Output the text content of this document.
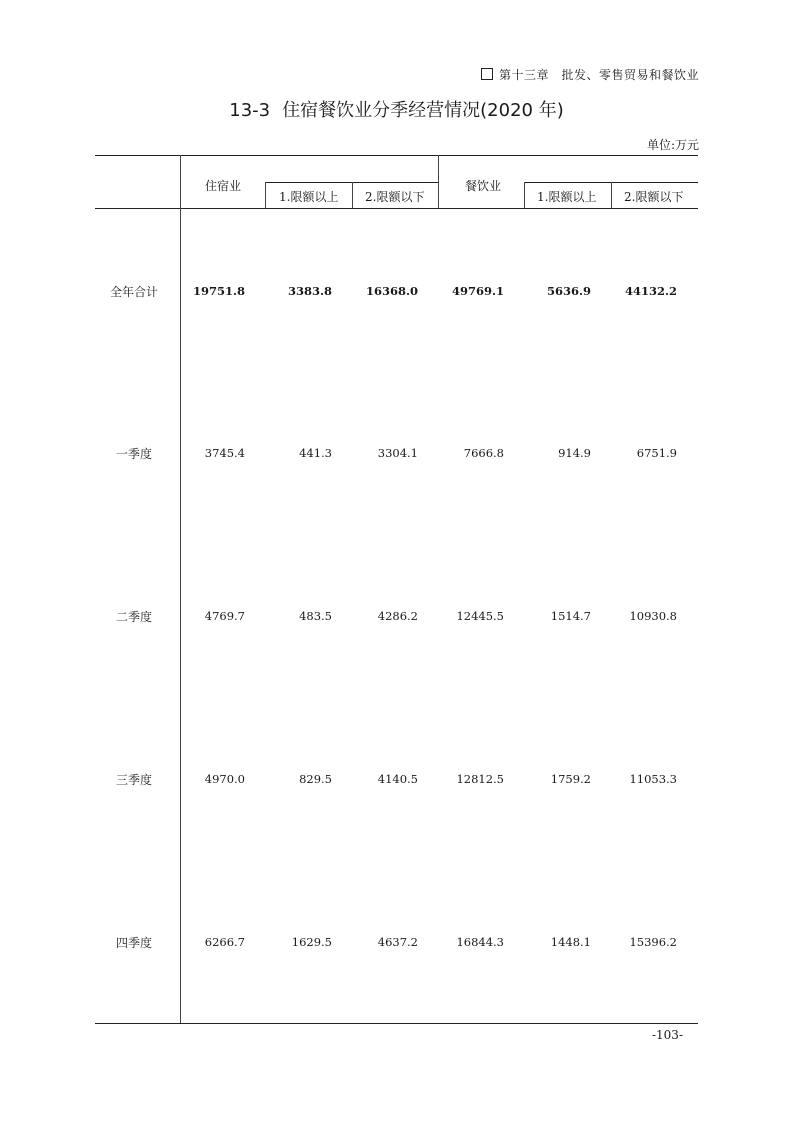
第十三章　批发、零售贸易和餐饮业
13-3 住宿餐饮业分季经营情况(2020 年)
单位:万元
住宿业
1.限额以上 2.限额以下
餐饮业
1.限额以上 2.限额以下
全年合计	19751.8	3383.8	16368.0	49769.1	5636.9	44132.2
一季度	3745.4	441.3	3304.1	7666.8	914.9	6751.9
二季度	4769.7	483.5	4286.2	12445.5	1514.7	10930.8
三季度	4970.0	829.5	4140.5	12812.5	1759.2	11053.3
四季度	6266.7	1629.5	4637.2	16844.3	1448.1	15396.2
-103-
